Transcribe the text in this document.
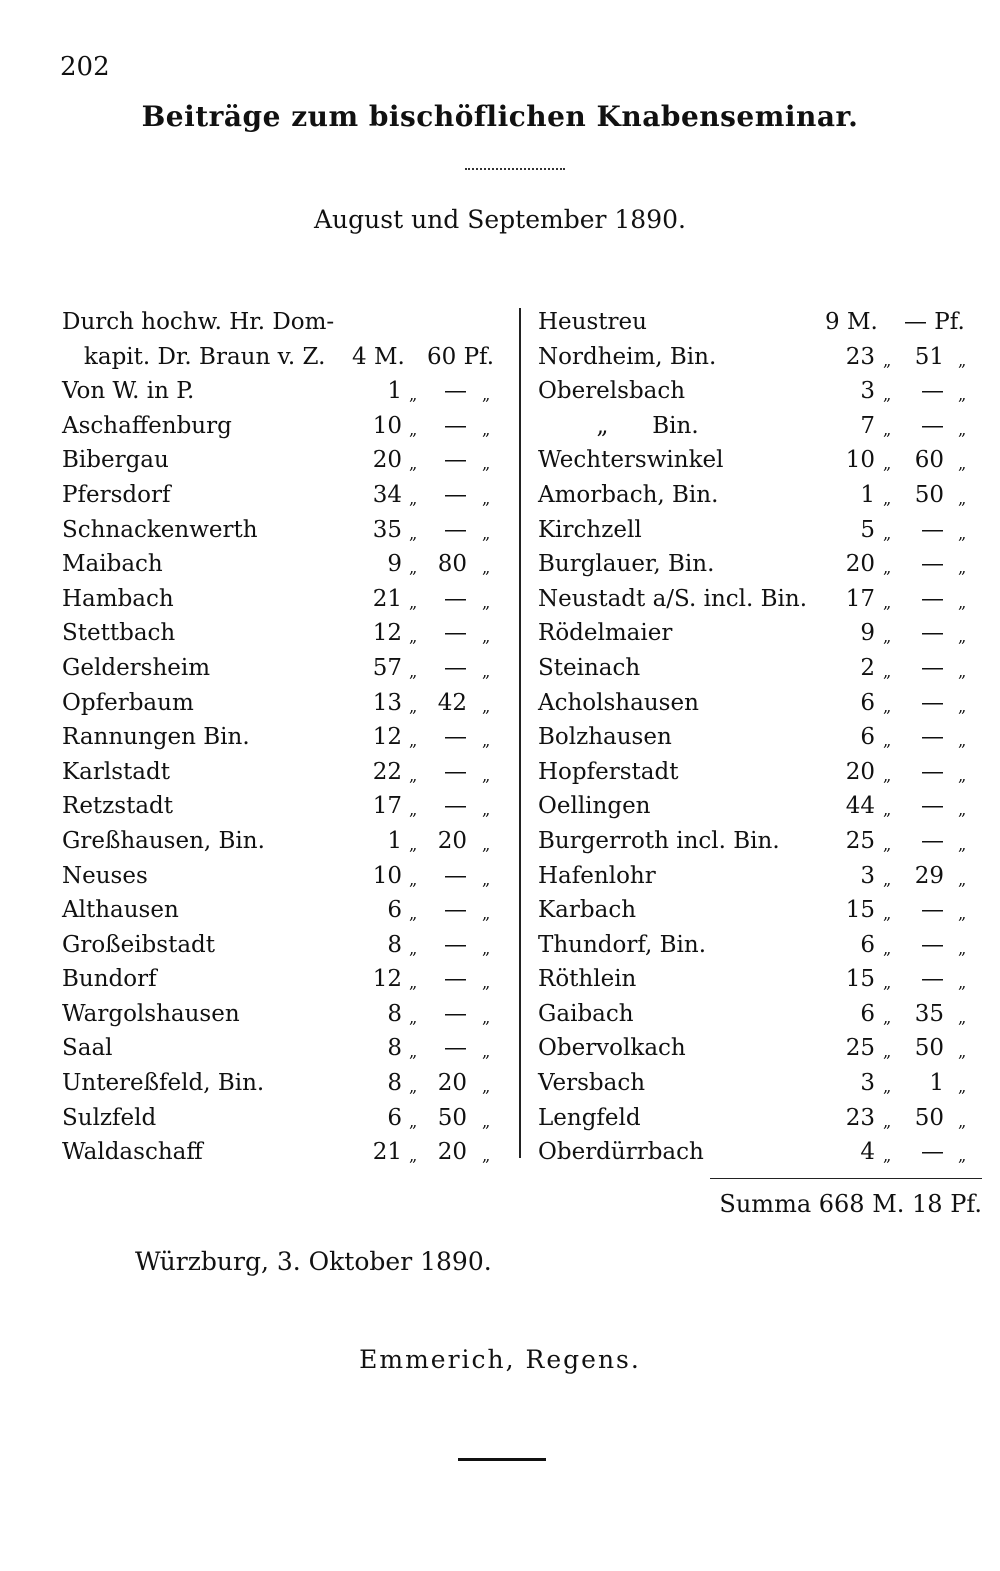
202
Beiträge zum bischöflichen Knabenseminar.
August und September 1890.
Durch hochw. Hr. Dom-
kapit. Dr. Braun v. Z. 4 M. 60 Pf.
Von W. in P.	1 „	— „
Aschaffenburg	10 „	— „
Bibergau	20 „	— „
Pfersdorf	34 „	— „
Schnackenwerth	35 „	— „
Maibach	9 „ 80 „
Hambach	21 „	— „
Stettbach	12 „	— „
Geldersheim	57 „	— „
Opferbaum	13 „ 42 „
Rannungen Bin.	12 „	— „
Karlstadt	22 „	— „
Retzstadt	17 „	— „
Greßhausen, Bin.	1 „ 20 „
Neuses	10 „	— „
Althausen	6 „	— „
Großeibstadt	8 „	— „
Bundorf	12 „	— „
Wargolshausen	8 „	— „
Saal	8 „	— „
Untereßfeld, Bin.	8 „ 20 „
Sulzfeld	6 „ 50 „
Waldaschaff	21 „ 20 „
Heustreu	9 M. — Pf.
Nordheim, Bin.	23 „	51 „
Oberelsbach	3 „	— „
„      Bin.	7 „	— „
Wechterswinkel	10 „	60 „
Amorbach, Bin.	1 „	50 „
Kirchzell	5 „	— „
Burglauer, Bin.	20 „	— „
Neustadt a/S. incl. Bin.	17 „	— „
Rödelmaier	9 „	— „
Steinach	2 „	— „
Acholshausen	6 „	— „
Bolzhausen	6 „	— „
Hopferstadt	20 „	— „
Oellingen	44 „	— „
Burgerroth incl. Bin.	25 „	— „
Hafenlohr	3 „	29 „
Karbach	15 „	— „
Thundorf, Bin.	6 „	— „
Röthlein	15 „	— „
Gaibach	6 „	35 „
Obervolkach	25 „	50 „
Versbach	3 „	1 „
Lengfeld	23 „	50 „
Oberdürrbach	4 „	— „
Summa 668 M. 18 Pf.
Würzburg, 3. Oktober 1890.
Emmerich, Regens.
